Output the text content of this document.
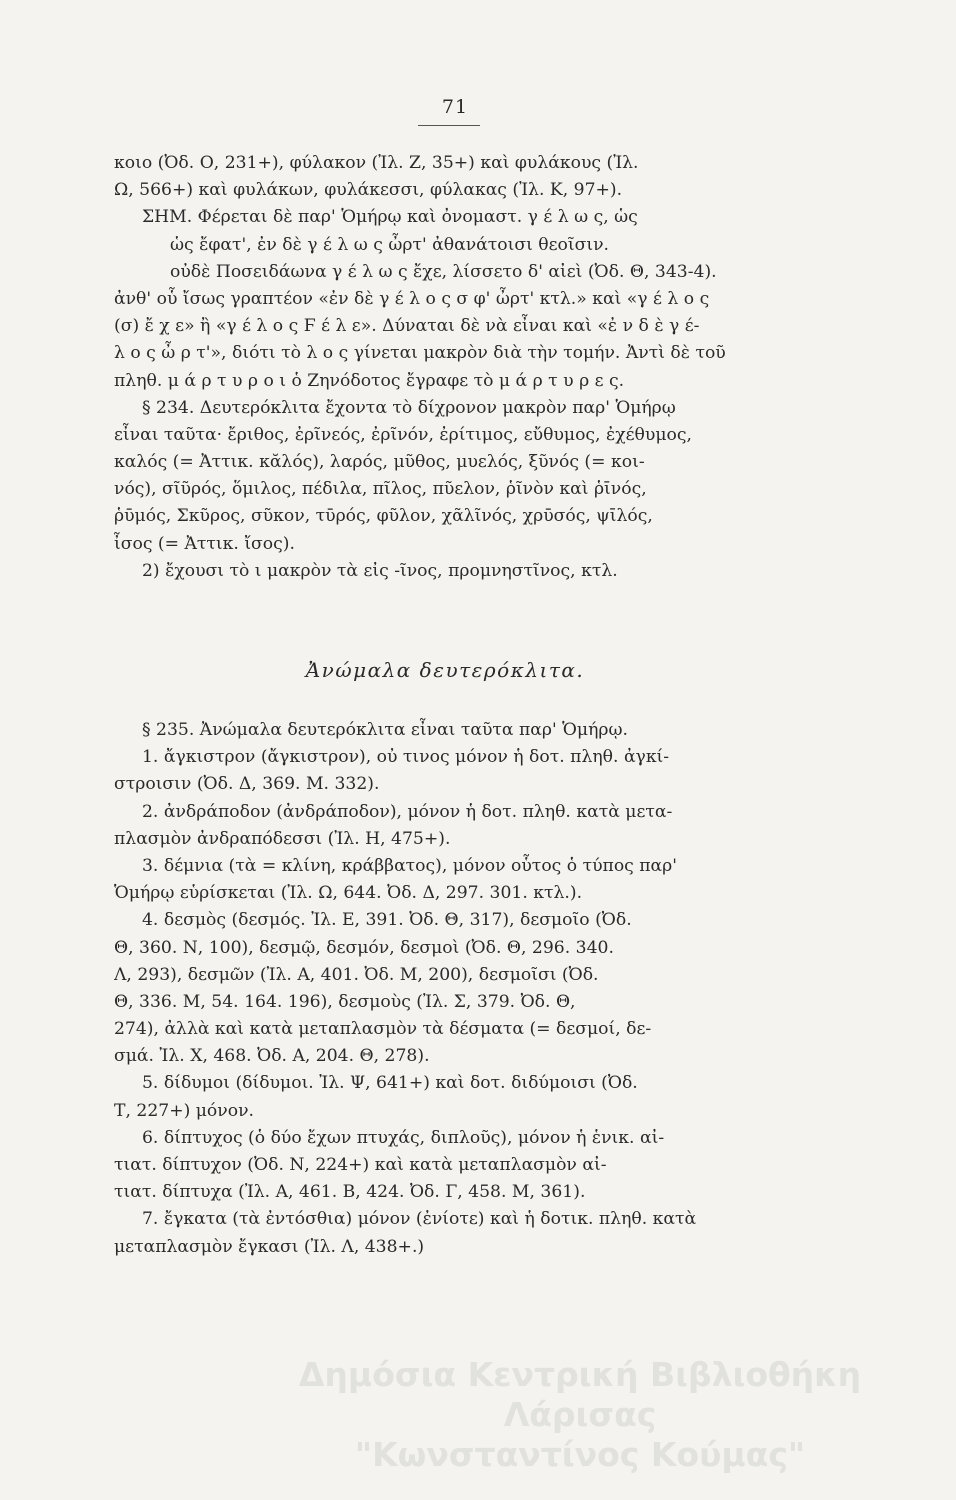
71
κοιο (Ὀδ. Ο, 231+), φύλακον (Ἰλ. Ζ, 35+) καὶ φυλάκους (Ἰλ.
Ω, 566+) καὶ φυλάκων, φυλάκεσσι, φύλακας (Ἰλ. Κ, 97+).
ΣΗΜ. Φέρεται δὲ παρ' Ὁμήρῳ καὶ ὀνομαστ. γ έ λ ω ς, ὡς
ὡς ἔφατ', ἐν δὲ γ έ λ ω ς ὦρτ' ἀθανάτοισι θεοῖσιν.
οὐδὲ Ποσειδάωνα γ έ λ ω ς ἔχε, λίσσετο δ' αἰεὶ (Ὀδ. Θ, 343-4).
ἀνθ' οὗ ἴσως γραπτέον «ἐν δὲ γ έ λ ο ς σ φ' ὦρτ' κτλ.» καὶ «γ έ λ ο ς
(σ) ἔ χ ε» ἢ «γ έ λ ο ς Ϝ έ λ ε». Δύναται δὲ νὰ εἶναι καὶ «ἐ ν δ ὲ γ έ-
λ ο ς ὦ ρ τ'», διότι τὸ λ ο ς γίνεται μακρὸν διὰ τὴν τομήν. Ἀντὶ δὲ τοῦ
πληθ. μ ά ρ τ υ ρ ο ι ὁ Ζηνόδοτος ἔγραφε τὸ μ ά ρ τ υ ρ ε ς.
§ 234. Δευτερόκλιτα ἔχοντα τὸ δίχρονον μακρὸν παρ' Ὁμήρῳ
εἶναι ταῦτα· ἔριθος, ἐρῖνεός, ἐρῖνόν, ἐρίτιμος, εὔθυμος, ἐχέθυμος,
καλός (= Ἀττικ. κᾰλός), λαρός, μῦθος, μυελός, ξῦνός (= κοι-
νός), σῖῦρός, ὅμιλος, πέδιλα, πῖλος, πῦελον, ῥῖνὸν καὶ ῥῑνός,
ῥῡμός, Σκῦρος, σῦκον, τῡρός, φῦλον, χᾶλῖνός, χρῡσός, ψῑλός,
ἶσος (= Ἀττικ. ἴσος).
2) ἔχουσι τὸ ι μακρὸν τὰ εἰς -ῖνος, προμνηστῖνος, κτλ.
Ἀνώμαλα δευτερόκλιτα.
§ 235. Ἀνώμαλα δευτερόκλιτα εἶναι ταῦτα παρ' Ὁμήρῳ.
1. ἄγκιστρον (ἄγκιστρον), οὐ τινος μόνον ἡ δοτ. πληθ. ἀγκί-
στροισιν (Ὀδ. Δ, 369. Μ. 332).
2. ἀνδράποδον (ἀνδράποδον), μόνον ἡ δοτ. πληθ. κατὰ μετα-
πλασμὸν ἀνδραπόδεσσι (Ἰλ. Η, 475+).
3. δέμνια (τὰ = κλίνη, κράββατος), μόνον οὗτος ὁ τύπος παρ'
Ὁμήρῳ εὑρίσκεται (Ἰλ. Ω, 644. Ὀδ. Δ, 297. 301. κτλ.).
4. δεσμὸς (δεσμός. Ἰλ. Ε, 391. Ὀδ. Θ, 317), δεσμοῖο (Ὀδ.
Θ, 360. Ν, 100), δεσμῷ, δεσμόν, δεσμοὶ (Ὀδ. Θ, 296. 340.
Λ, 293), δεσμῶν (Ἰλ. Α, 401. Ὀδ. Μ, 200), δεσμοῖσι (Ὀδ.
Θ, 336. Μ, 54. 164. 196), δεσμοὺς (Ἰλ. Σ, 379. Ὀδ. Θ,
274), ἀλλὰ καὶ κατὰ μεταπλασμὸν τὰ δέσματα (= δεσμοί, δε-
σμά. Ἰλ. Χ, 468. Ὀδ. Α, 204. Θ, 278).
5. δίδυμοι (δίδυμοι. Ἰλ. Ψ, 641+) καὶ δοτ. διδύμοισι (Ὀδ.
Τ, 227+) μόνον.
6. δίπτυχος (ὁ δύο ἔχων πτυχάς, διπλοῦς), μόνον ἡ ἑνικ. αἰ-
τιατ. δίπτυχον (Ὀδ. Ν, 224+) καὶ κατὰ μεταπλασμὸν αἰ-
τιατ. δίπτυχα (Ἰλ. Α, 461. Β, 424. Ὀδ. Γ, 458. Μ, 361).
7. ἔγκατα (τὰ ἐντόσθια) μόνον (ἐνίοτε) καὶ ἡ δοτικ. πληθ. κατὰ
μεταπλασμὸν ἔγκασι (Ἰλ. Λ, 438+.)
Δημόσια Κεντρική Βιβλιοθήκη Λάρισας
"Κωνσταντίνος Κούμας"
